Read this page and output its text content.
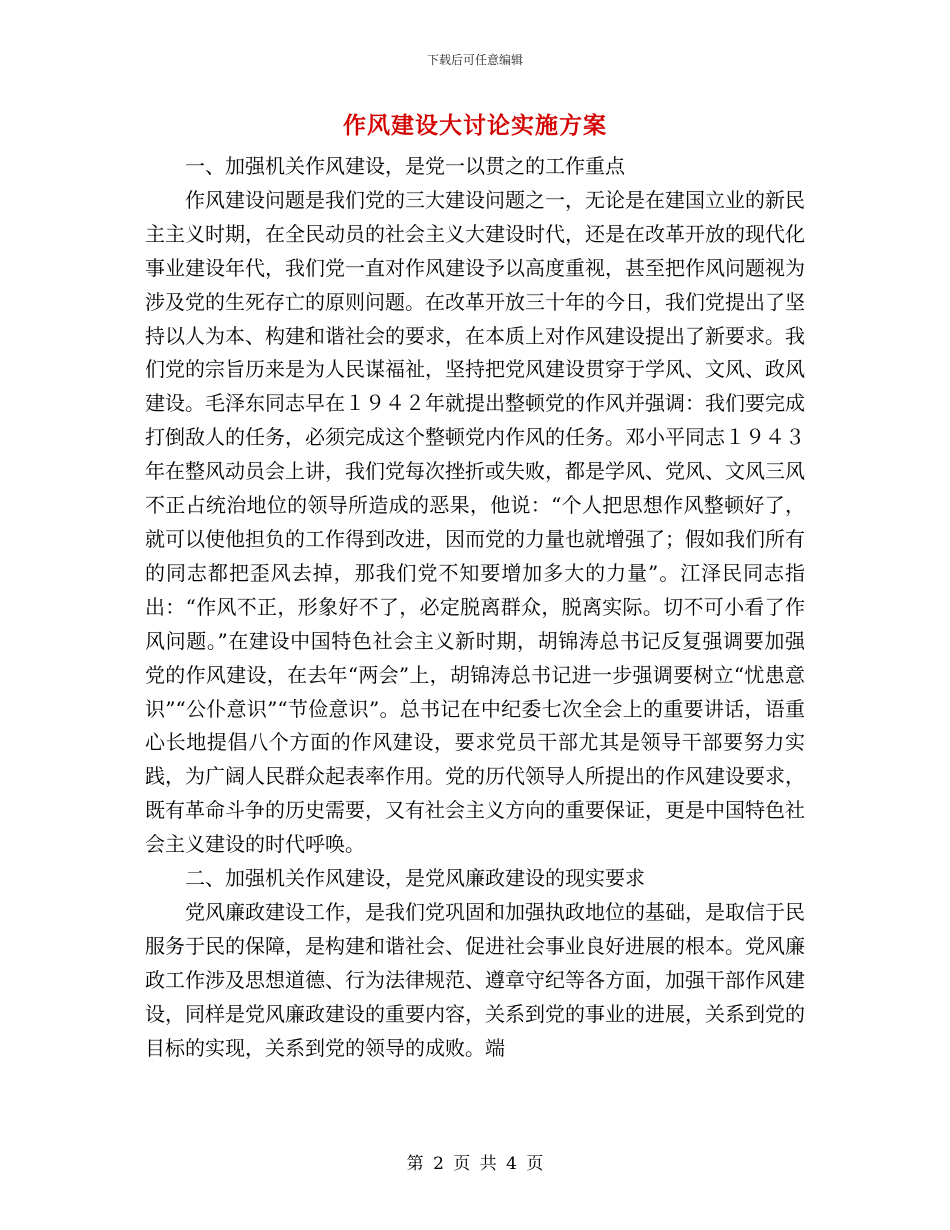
下载后可任意编辑
作风建设大讨论实施方案

一、加强机关作风建设，是党一以贯之的工作重点

作风建设问题是我们党的三大建设问题之一，无论是在建国立业的新民主主义时期，在全民动员的社会主义大建设时代，还是在改革开放的现代化事业建设年代，我们党一直对作风建设予以高度重视，甚至把作风问题视为涉及党的生死存亡的原则问题。在改革开放三十年的今日，我们党提出了坚持以人为本、构建和谐社会的要求，在本质上对作风建设提出了新要求。我们党的宗旨历来是为人民谋福祉，坚持把党风建设贯穿于学风、文风、政风建设。毛泽东同志早在１９４２年就提出整顿党的作风并强调：我们要完成打倒敌人的任务，必须完成这个整顿党内作风的任务。邓小平同志１９４３年在整风动员会上讲，我们党每次挫折或失败，都是学风、党风、文风三风不正占统治地位的领导所造成的恶果，他说：“个人把思想作风整顿好了，就可以使他担负的工作得到改进，因而党的力量也就增强了；假如我们所有的同志都把歪风去掉，那我们党不知要增加多大的力量”。江泽民同志指出：“作风不正，形象好不了，必定脱离群众，脱离实际。切不可小看了作风问题。”在建设中国特色社会主义新时期，胡锦涛总书记反复强调要加强党的作风建设，在去年“两会”上，胡锦涛总书记进一步强调要树立“忧患意识”“公仆意识”“节俭意识”。总书记在中纪委七次全会上的重要讲话，语重心长地提倡八个方面的作风建设，要求党员干部尤其是领导干部要努力实践，为广阔人民群众起表率作用。党的历代领导人所提出的作风建设要求，既有革命斗争的历史需要，又有社会主义方向的重要保证，更是中国特色社会主义建设的时代呼唤。

二、加强机关作风建设，是党风廉政建设的现实要求

党风廉政建设工作，是我们党巩固和加强执政地位的基础，是取信于民服务于民的保障，是构建和谐社会、促进社会事业良好进展的根本。党风廉政工作涉及思想道德、行为法律规范、遵章守纪等各方面，加强干部作风建设，同样是党风廉政建设的重要内容，关系到党的事业的进展，关系到党的目标的实现，关系到党的领导的成败。端

第 2 页 共 4 页
